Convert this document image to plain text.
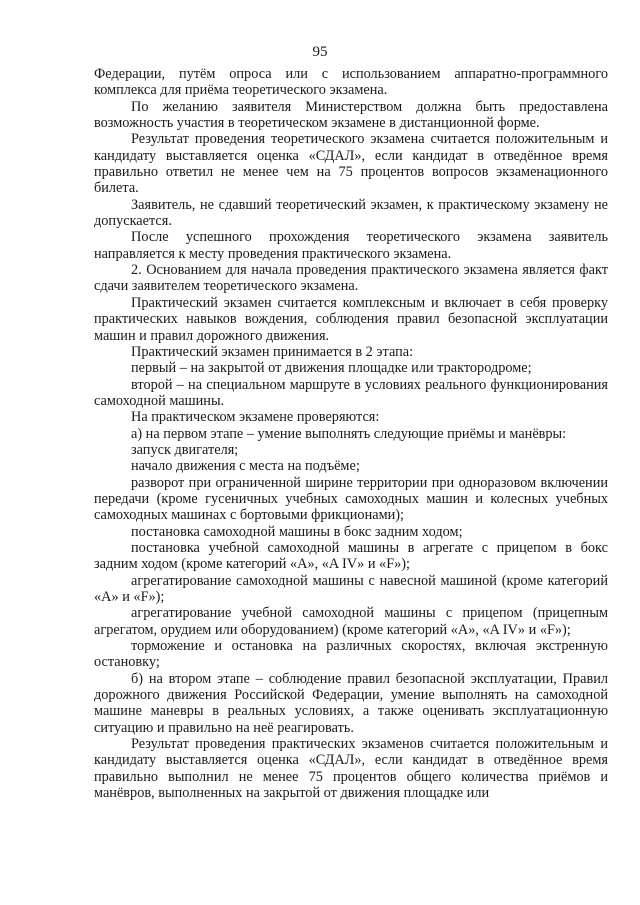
95

Федерации, путём опроса или с использованием аппаратно-программного комплекса для приёма теоретического экзамена.

По желанию заявителя Министерством должна быть предоставлена возможность участия в теоретическом экзамене в дистанционной форме.

Результат проведения теоретического экзамена считается положительным и кандидату выставляется оценка «СДАЛ», если кандидат в отведённое время правильно ответил не менее чем на 75 процентов вопросов экзаменационного билета.

Заявитель, не сдавший теоретический экзамен, к практическому экзамену не допускается.

После успешного прохождения теоретического экзамена заявитель направляется к месту проведения практического экзамена.

2. Основанием для начала проведения практического экзамена является факт сдачи заявителем теоретического экзамена.

Практический экзамен считается комплексным и включает в себя проверку практических навыков вождения, соблюдения правил безопасной эксплуатации машин и правил дорожного движения.

Практический экзамен принимается в 2 этапа:

первый – на закрытой от движения площадке или трактородроме;

второй – на специальном маршруте в условиях реального функционирования самоходной машины.

На практическом экзамене проверяются:

а) на первом этапе – умение выполнять следующие приёмы и манёвры:

запуск двигателя;

начало движения с места на подъёме;

разворот при ограниченной ширине территории при одноразовом включении передачи (кроме гусеничных учебных самоходных машин и колесных учебных самоходных машинах с бортовыми фрикционами);

постановка самоходной машины в бокс задним ходом;

постановка учебной самоходной машины в агрегате с прицепом в бокс задним ходом (кроме категорий «A», «A IV» и «F»);

агрегатирование самоходной машины с навесной машиной (кроме категорий «A» и «F»);

агрегатирование учебной самоходной машины с прицепом (прицепным агрегатом, орудием или оборудованием) (кроме категорий «A», «A IV» и «F»);

торможение и остановка на различных скоростях, включая экстренную остановку;

б) на втором этапе – соблюдение правил безопасной эксплуатации, Правил дорожного движения Российской Федерации, умение выполнять на самоходной машине маневры в реальных условиях, а также оценивать эксплуатационную ситуацию и правильно на неё реагировать.

Результат проведения практических экзаменов считается положительным и кандидату выставляется оценка «СДАЛ», если кандидат в отведённое время правильно выполнил не менее 75 процентов общего количества приёмов и манёвров, выполненных на закрытой от движения площадке или
